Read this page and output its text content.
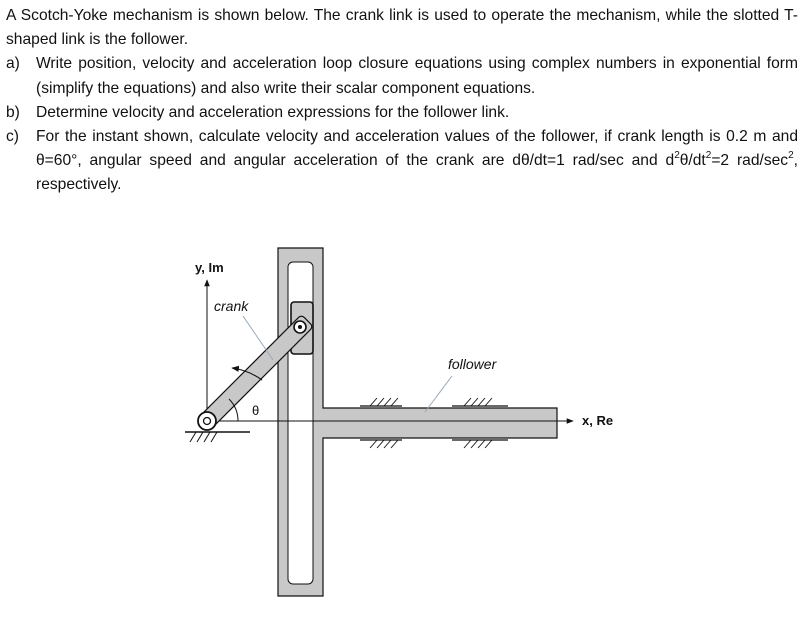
A Scotch-Yoke mechanism is shown below. The crank link is used to operate the mechanism, while the slotted T-shaped link is the follower.

a)	Write position, velocity and acceleration loop closure equations using complex numbers in exponential form (simplify the equations) and also write their scalar component equations.
b)	Determine velocity and acceleration expressions for the follower link.
c)	For the instant shown, calculate velocity and acceleration values of the follower, if crank length is 0.2 m and θ=60°, angular speed and angular acceleration of the crank are dθ/dt=1 rad/sec and $d^2\theta/dt^2=2$ rad/$\sec^2$, respectively.
y, Im
x, Re
θ
crank
follower
